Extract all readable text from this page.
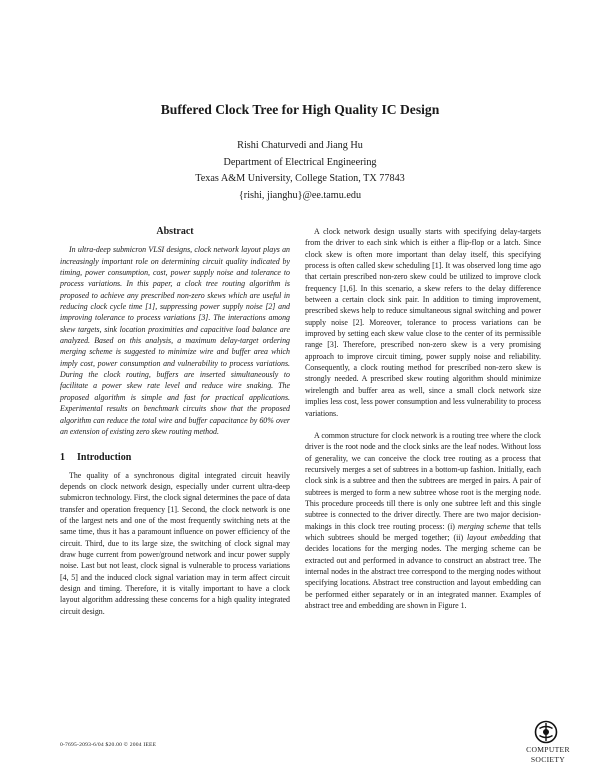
Buffered Clock Tree for High Quality IC Design
Rishi Chaturvedi and Jiang Hu
Department of Electrical Engineering
Texas A&M University, College Station, TX 77843
{rishi, jianghu}@ee.tamu.edu
Abstract

In ultra-deep submicron VLSI designs, clock network layout plays an increasingly important role on determining circuit quality indicated by timing, power consumption, cost, power supply noise and tolerance to process variations. In this paper, a clock tree routing algorithm is proposed to achieve any prescribed non-zero skews which are useful in reducing clock cycle time [1], suppressing power supply noise [2] and improving tolerance to process variations [3]. The interactions among skew targets, sink location proximities and capacitive load balance are analyzed. Based on this analysis, a maximum delay-target ordering merging scheme is suggested to minimize wire and buffer area which imply cost, power consumption and vulnerability to process variations. During the clock routing, buffers are inserted simultaneously to facilitate a power skew rate level and reduce wire snaking. The proposed algorithm is simple and fast for practical applications. Experimental results on benchmark circuits show that the proposed algorithm can reduce the total wire and buffer capacitance by 60% over an extension of existing zero skew routing method.

1 Introduction

The quality of a synchronous digital integrated circuit heavily depends on clock network design, especially under current ultra-deep submicron technology. First, the clock signal determines the pace of data transfer and operation frequency [1]. Second, the clock network is one of the largest nets and one of the most frequently switching nets at the same time, thus it has a paramount influence on power efficiency of the circuit. Third, due to its large size, the switching of clock signal may draw huge current from power/ground network and incur power supply noise. Last but not least, clock signal is vulnerable to process variations [4, 5] and the induced clock signal variation may in term affect circuit design and timing. Therefore, it is vitally important to have a clock layout algorithm addressing these concerns for a high quality integrated circuit design.

A clock network design usually starts with specifying delay-targets from the driver to each sink which is either a flip-flop or a latch. Since clock skew is often more important than delay itself, this specifying process is often called skew scheduling [1]. It was observed long time ago that certain prescribed non-zero skew could be utilized to improve clock frequency [1,6]. In this scenario, a skew refers to the delay difference between a certain clock sink pair. In addition to timing improvement, prescribed skews help to reduce simultaneous signal switching and power supply noise [2]. Moreover, tolerance to process variations can be improved by setting each skew value close to the center of its permissible range [3]. Therefore, prescribed non-zero skew is a very promising approach to improve circuit timing, power supply noise and reliability. Consequently, a clock routing method for prescribed non-zero skew is strongly needed. A prescribed skew routing algorithm should minimize wirelength and buffer area as well, since a small clock network size implies less cost, less power consumption and less vulnerability to process variations.

A common structure for clock network is a routing tree where the clock driver is the root node and the clock sinks are the leaf nodes. Without loss of generality, we can conceive the clock tree routing as a process that recursively merges a set of subtrees in a bottom-up fashion. Initially, each clock sink is a subtree and then the subtrees are merged in pairs. A pair of subtrees is merged to form a new subtree whose root is the merging node. This procedure proceeds till there is only one subtree left and this single subtree is connected to the driver directly. There are two major decision-makings in this clock tree routing process: (i) merging scheme that tells which subtrees should be merged together; (ii) layout embedding that decides locations for the merging nodes. The merging scheme can be extracted out and performed in advance to construct an abstract tree. The internal nodes in the abstract tree correspond to the merging nodes without specifying locations. Abstract tree construction and layout embedding can be performed either separately or in an integrated manner. Examples of abstract tree and embedding are shown in Figure 1.

0-7695-2093-6/04 $20.00 © 2004 IEEE	COMPUTER
SOCIETY
